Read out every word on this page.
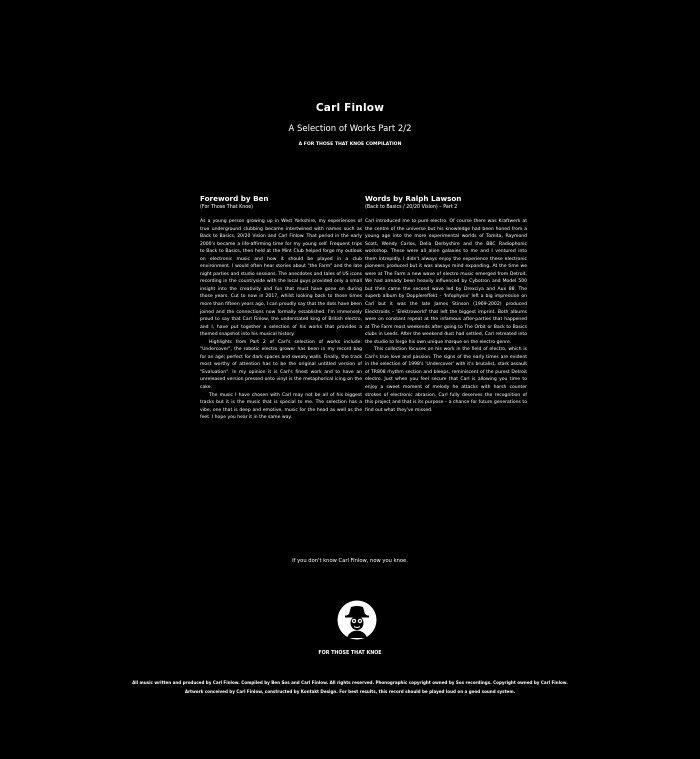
Carl Finlow
A Selection of Works Part 2/2
A FOR THOSE THAT KNOE COMPILATION
Foreword by Ben
(For Those That Knoe)

As a young person growing up in West Yorkshire, my experiences of true underground clubbing became intertwined with names such as Back to Basics, 20/20 Vision and Carl Finlow. That period in the early 2000's became a life-affirming time for my young self. Frequent trips to Back to Basics, then held at the Mint Club helped forge my outlook on electronic music and how it should be played in a club environment. I would often hear stories about "the Farm" and the late night parties and studio sessions. The anecdotes and tales of US icons recording in the countryside with the local guys provided only a small insight into the creativity and fun that must have gone on during those years. Cut to now in 2017, whilst looking back to those times more than fifteen years ago, I can proudly say that the dots have been joined and the connections now formally established. I'm immensely proud to say that Carl Finlow, the understated king of British electro, and I, have put together a selection of his works that provides a themed snapshot into his musical history.

Highlights from Part 2 of Carl's selection of works include: "Undercover", the robotic electro grower has been in my record bag for an age; perfect for dark spaces and sweaty walls. Finally, the track most worthy of attention has to be the original untitled version of "Evaluation". In my opinion it is Carl's finest work and to have an unreleased version pressed onto vinyl is the metaphorical icing on the cake.

The music I have chosen with Carl may not be all of his biggest tracks but it is the music that is special to me. The selection has a vibe, one that is deep and emotive, music for the head as well as the feet. I hope you hear it in the same way.

Words by Ralph Lawson
(Back to Basics / 20/20 Vision) – Part 2

Carl introduced me to pure electro. Of course there was Kraftwerk at the centre of the universe but his knowledge had been honed from a young age into the more experimental worlds of Tomita, Raymond Scott, Wendy Carlos, Delia Derbyshire and the BBC Radiophonic workshop. These were all alien galaxies to me and I ventured into them intrepidly. I didn't always enjoy the experience these electronic pioneers produced but it was always mind expanding. At the time we were at The Farm a new wave of electro music emerged from Detroit. We had already been heavily influenced by Cybotron and Model 500 but then came the second wave led by Drexciya and Aux 88. The superb album by Dopplereffekt – 'Infophysix' left a big impression on Carl but it was the late James Stinson (1969-2002) produced Elecktroids – 'Elektroworld' that left the biggest imprint. Both albums were on constant repeat at the infamous after-parties that happened at The Farm most weekends after going to The Orbit or Back to Basics clubs in Leeds. After the weekend dust had settled, Carl retreated into the studio to forge his own unique marque on the electro genre.

This collection focuses on his work in the field of electro, which is Carl's true love and passion. The signs of the early times are evident in the selection of 1998's 'Undercover' with it's brutalist, stark assault of TR808 rhythm section and bleeps, reminiscent of the purest Detroit electro. Just when you feel secure that Carl is allowing you time to enjoy a sweet moment of melody he attacks with harsh counter strokes of electronic abrasion. Carl fully deserves the recognition of this project and that is its purpose – a chance for future generations to find out what they've missed.

If you don't know Carl Finlow, now you knoe.
FOR THOSE THAT KNOE
All music written and produced by Carl Finlow. Compiled by Ben Sos and Carl Finlow. All rights reserved. Phonographic copyright owned by Sos recordings. Copyright owned by Carl Finlow.
Artwork conceived by Carl Finlow, constructed by Kontakt Design. For best results, this record should be played loud on a good sound system.
